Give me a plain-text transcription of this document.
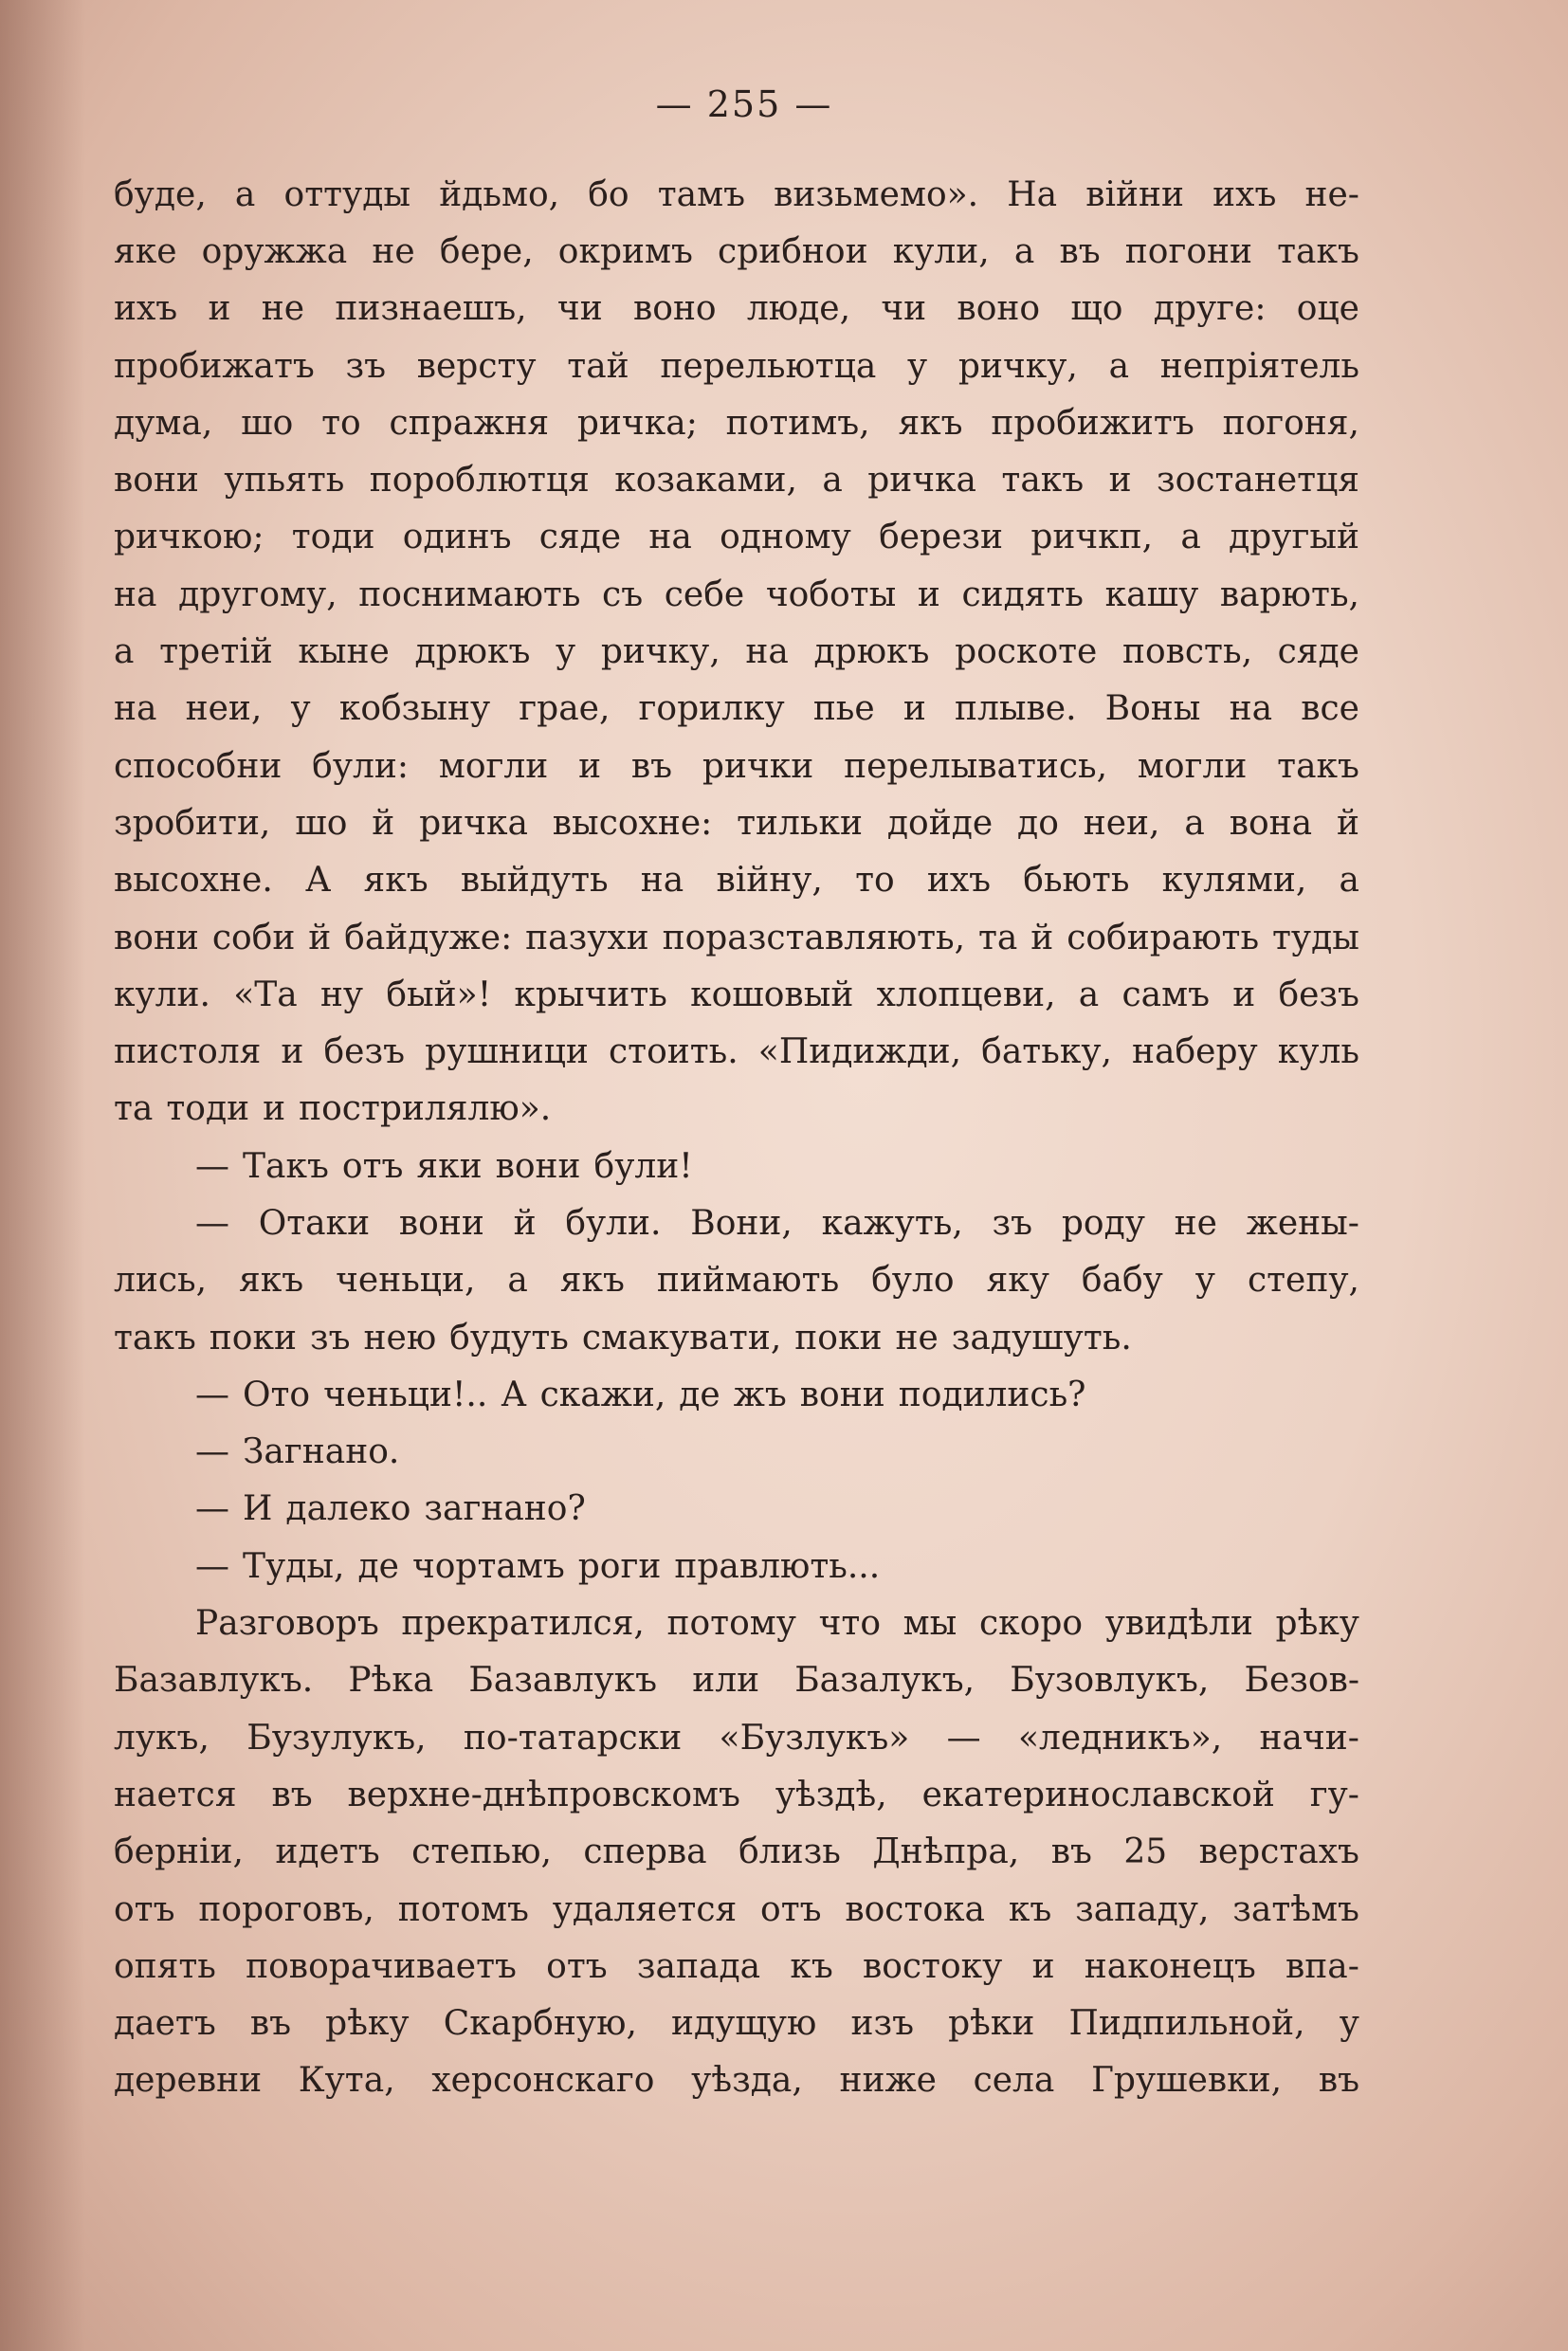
— 255 —
буде, а оттуды йдьмо, бо тамъ визьмемо». На війни ихъ не-
яке оружжа не бере, окримъ срибнои кули, а въ погони такъ
ихъ и не пизнаешъ, чи воно люде, чи воно що друге: оце
пробижатъ зъ версту тай перельютца у ричку, а непріятель
дума, шо то спражня ричка; потимъ, якъ пробижитъ погоня,
вони упьять пороблютця козаками, а ричка такъ и зостанетця
ричкою; тоди одинъ сяде на одному берези ричкп, а другый
на другому, поснимають съ себе чоботы и сидять кашу варють,
а третій кыне дрюкъ у ричку, на дрюкъ роскоте повсть, сяде
на неи, у кобзыну грае, горилку пье и плыве. Воны на все
способни були: могли и въ рички перелыватись, могли такъ
зробити, шо й ричка высохне: тильки дойде до неи, а вона й
высохне. А якъ выйдуть на війну, то ихъ бьють кулями, а
вони соби й байдуже: пазухи поразставляють, та й собирають туды
кули. «Та ну бый»! крычить кошовый хлопцеви, а самъ и безъ
пистоля и безъ рушници стоить. «Пидижди, батьку, наберу куль
та тоди и пострилялю».
— Такъ отъ яки вони були!
— Отаки вони й були. Вони, кажуть, зъ роду не жены-
лись, якъ ченьци, а якъ пиймають було яку бабу у степу,
такъ поки зъ нею будуть смакувати, поки не задушуть.
— Ото ченьци!.. А скажи, де жъ вони подились?
— Загнано.
— И далеко загнано?
— Туды, де чортамъ роги правлють...
Разговоръ прекратился, потому что мы скоро увидѣли рѣку
Базавлукъ. Рѣка Базавлукъ или Базалукъ, Бузовлукъ, Безов-
лукъ, Бузулукъ, по-татарски «Бузлукъ» — «ледникъ», начи-
нается въ верхне-днѣпровскомъ уѣздѣ, екатеринославской гу-
берніи, идетъ степью, сперва близь Днѣпра, въ 25 верстахъ
отъ пороговъ, потомъ удаляется отъ востока къ западу, затѣмъ
опять поворачиваетъ отъ запада къ востоку и наконецъ впа-
даетъ въ рѣку Скарбную, идущую изъ рѣки Пидпильной, у
деревни Кута, херсонскаго уѣзда, ниже села Грушевки, въ
